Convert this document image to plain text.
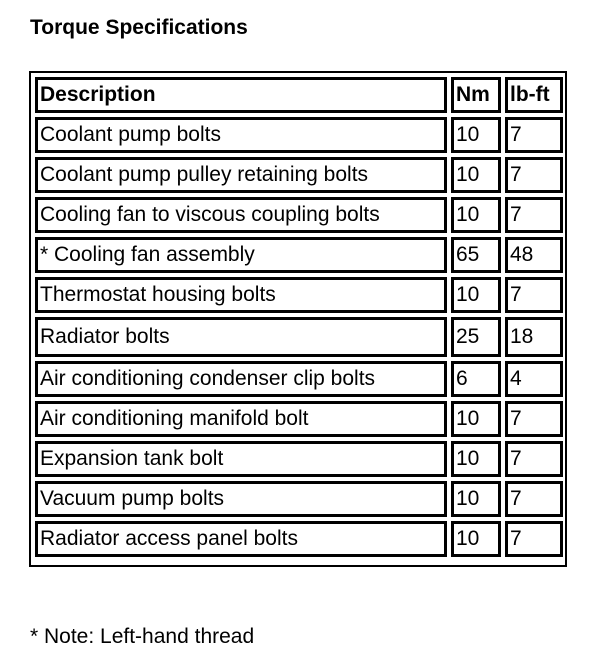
Torque Specifications
Description	Nm	lb-ft
Coolant pump bolts	10	7
Coolant pump pulley retaining bolts	10	7
Cooling fan to viscous coupling bolts	10	7
* Cooling fan assembly	65	48
Thermostat housing bolts	10	7
Radiator bolts	25	18
Air conditioning condenser clip bolts	6	4
Air conditioning manifold bolt	10	7
Expansion tank bolt	10	7
Vacuum pump bolts	10	7
Radiator access panel bolts	10	7
* Note: Left-hand thread
